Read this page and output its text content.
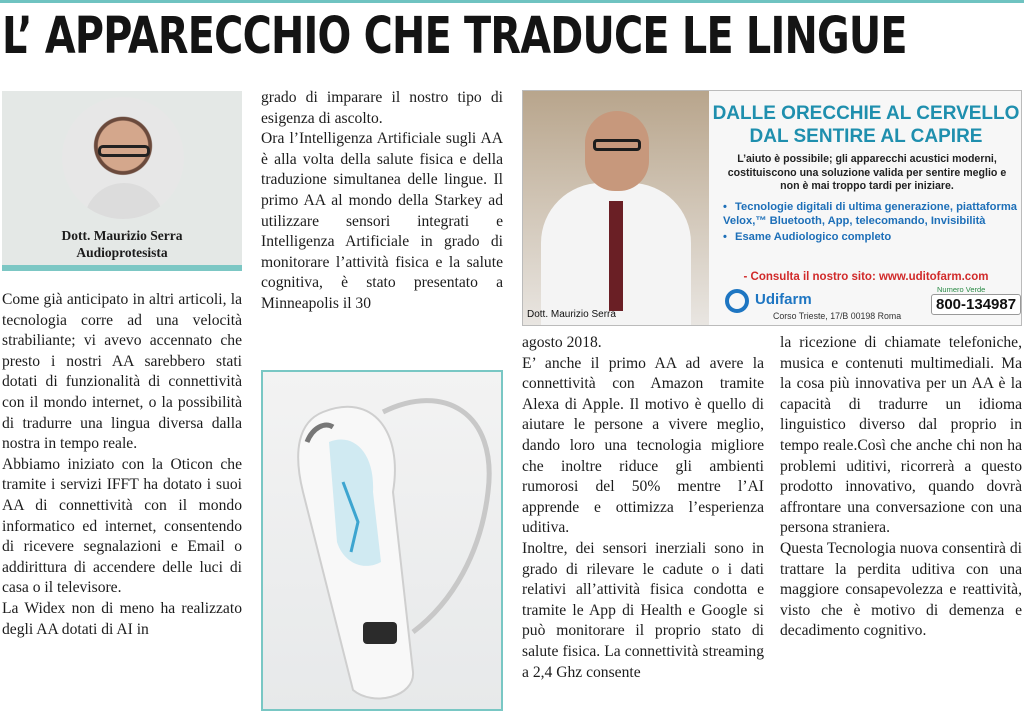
L’ APPARECCHIO CHE TRADUCE LE LINGUE
Dott. Maurizio Serra
Audioprotesista

Come già anticipato in altri articoli, la tecnologia corre ad una velocità strabiliante; vi avevo accennato che presto i nostri AA sarebbero stati dotati di funzionalità di connettività con il mondo internet, o la possibilità di tradurre una lingua diversa dalla nostra in tempo reale.

Abbiamo iniziato con la Oticon che tramite i servizi IFFT ha dotato i suoi AA di connettività con il mondo informatico ed internet, consentendo di ricevere segnalazioni e Email o addirittura di accendere delle luci di casa o il televisore.

La Widex non di meno ha realizzato degli AA dotati di AI in

grado di imparare il nostro tipo di esigenza di ascolto.

Ora l’Intelligenza Artificiale sugli AA è alla volta della salute fisica e della traduzione simultanea delle lingue. Il primo AA al mondo della Starkey ad utilizzare sensori integrati e Intelligenza Artificiale in grado di monitorare l’attività fisica e la salute cognitiva, è stato presentato a Minneapolis il 30

Dott. Maurizio Serra
DALLE ORECCHIE AL CERVELLO
DAL SENTIRE AL CAPIRE
L’aiuto è possibile; gli apparecchi acustici moderni, costituiscono una soluzione valida per sentire meglio e non è mai troppo tardi per iniziare.
• Tecnologie digitali di ultima generazione, piattaforma Velox,™ Bluetooth, App, telecomando, Invisibilità
• Esame Audiologico completo
- Consulta il nostro sito: www.uditofarm.com
Udifarm
Corso Trieste, 17/B 00198 Roma
Numero Verde
800-134987

agosto 2018.

E’ anche il primo AA ad avere la connettività con Amazon tramite Alexa di Apple. Il motivo è quello di aiutare le persone a vivere meglio, dando loro una tecnologia migliore che inoltre riduce gli ambienti rumorosi del 50% mentre l’AI apprende e ottimizza l’esperienza uditiva.

Inoltre, dei sensori inerziali sono in grado di rilevare le cadute o i dati relativi all’attività fisica condotta e tramite le App di Health e Google si può monitorare il proprio stato di salute fisica. La connettività streaming a 2,4 Ghz consente

la ricezione di chiamate telefoniche, musica e contenuti multimediali. Ma la cosa più innovativa per un AA è la capacità di tradurre un idioma linguistico diverso dal proprio in tempo reale.Così che anche chi non ha problemi uditivi, ricorrerà a questo prodotto innovativo, quando dovrà affrontare una conversazione con una persona straniera.

Questa Tecnologia nuova consentirà di trattare la perdita uditiva con una maggiore consapevolezza e reattività, visto che è motivo di demenza e decadimento cognitivo.
